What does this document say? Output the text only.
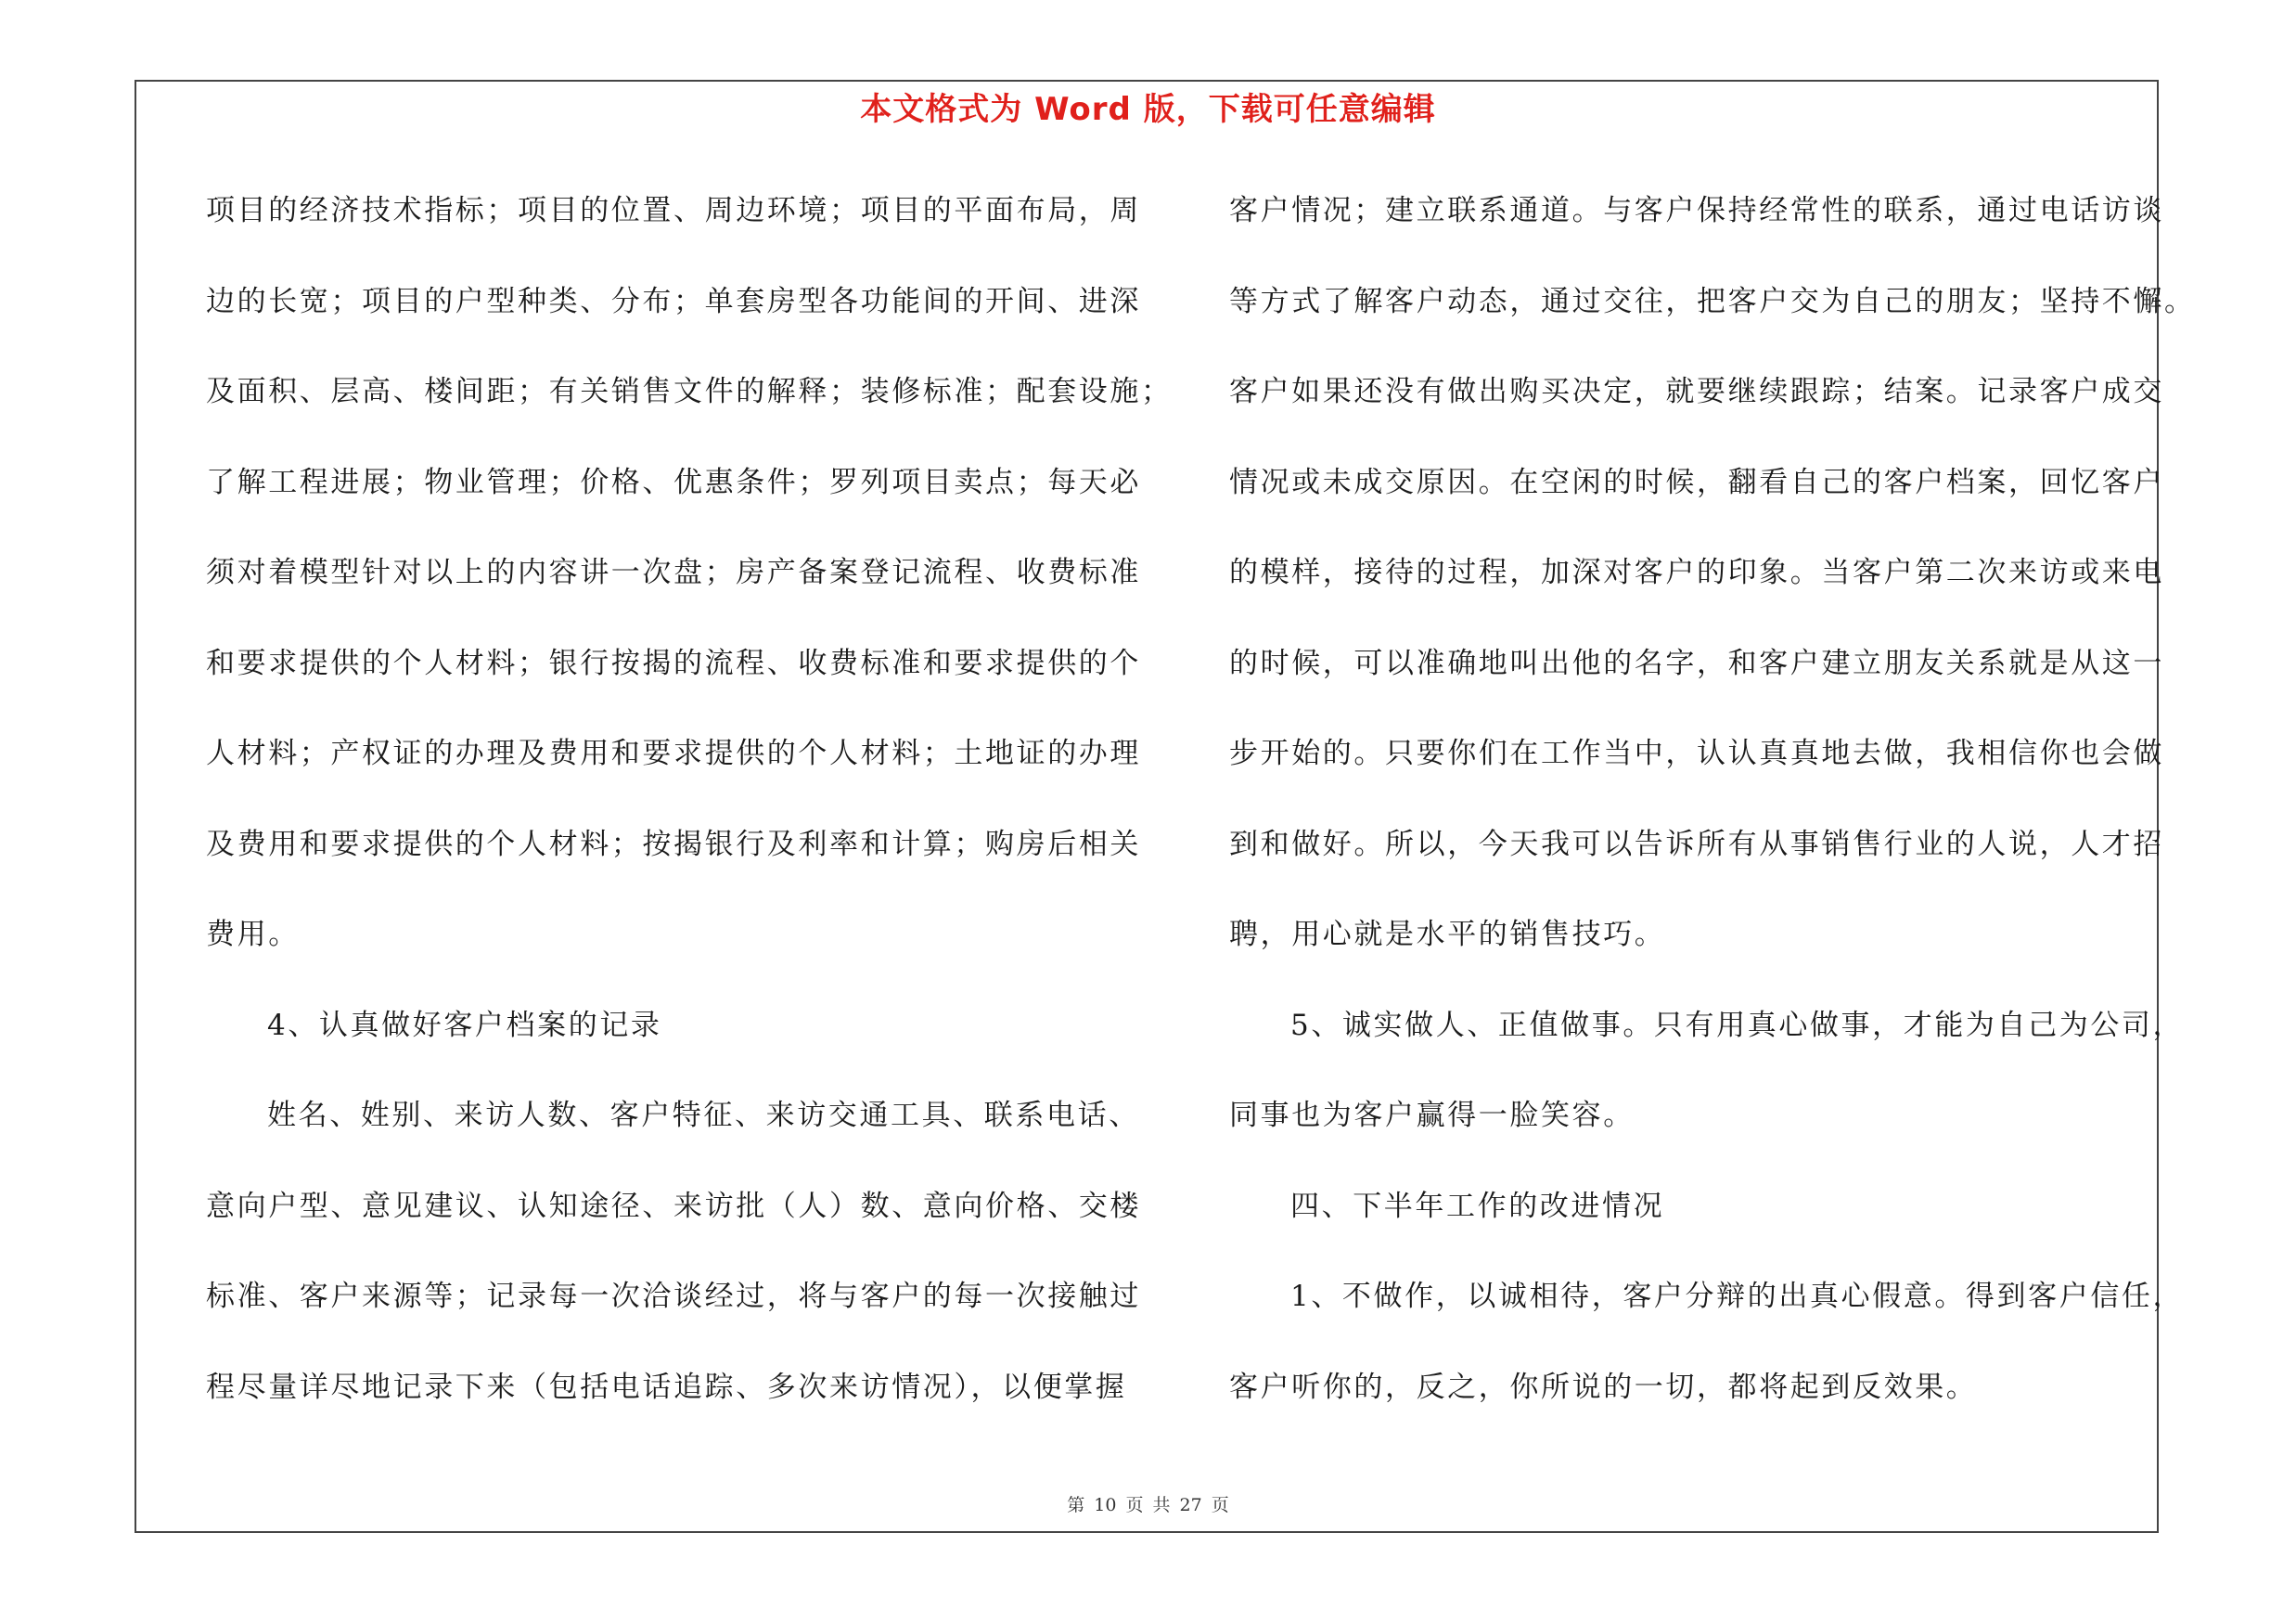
本文格式为 Word 版，下载可任意编辑
项目的经济技术指标；项目的位置、周边环境；项目的平面布局，周
边的长宽；项目的户型种类、分布；单套房型各功能间的开间、进深
及面积、层高、楼间距；有关销售文件的解释；装修标准；配套设施；
了解工程进展；物业管理；价格、优惠条件；罗列项目卖点；每天必
须对着模型针对以上的内容讲一次盘；房产备案登记流程、收费标准
和要求提供的个人材料；银行按揭的流程、收费标准和要求提供的个
人材料；产权证的办理及费用和要求提供的个人材料；土地证的办理
及费用和要求提供的个人材料；按揭银行及利率和计算；购房后相关
费用。
4、认真做好客户档案的记录
姓名、姓别、来访人数、客户特征、来访交通工具、联系电话、
意向户型、意见建议、认知途径、来访批（人）数、意向价格、交楼
标准、客户来源等；记录每一次洽谈经过，将与客户的每一次接触过
程尽量详尽地记录下来（包括电话追踪、多次来访情况），以便掌握
客户情况；建立联系通道。与客户保持经常性的联系，通过电话访谈
等方式了解客户动态，通过交往，把客户交为自己的朋友；坚持不懈。
客户如果还没有做出购买决定，就要继续跟踪；结案。记录客户成交
情况或未成交原因。在空闲的时候，翻看自己的客户档案，回忆客户
的模样，接待的过程，加深对客户的印象。当客户第二次来访或来电
的时候，可以准确地叫出他的名字，和客户建立朋友关系就是从这一
步开始的。只要你们在工作当中，认认真真地去做，我相信你也会做
到和做好。所以，今天我可以告诉所有从事销售行业的人说，人才招
聘，用心就是水平的销售技巧。
5、诚实做人、正值做事。只有用真心做事，才能为自己为公司，
同事也为客户赢得一脸笑容。
四、下半年工作的改进情况
1、不做作，以诚相待，客户分辩的出真心假意。得到客户信任，
客户听你的，反之，你所说的一切，都将起到反效果。
第 10 页 共 27 页
